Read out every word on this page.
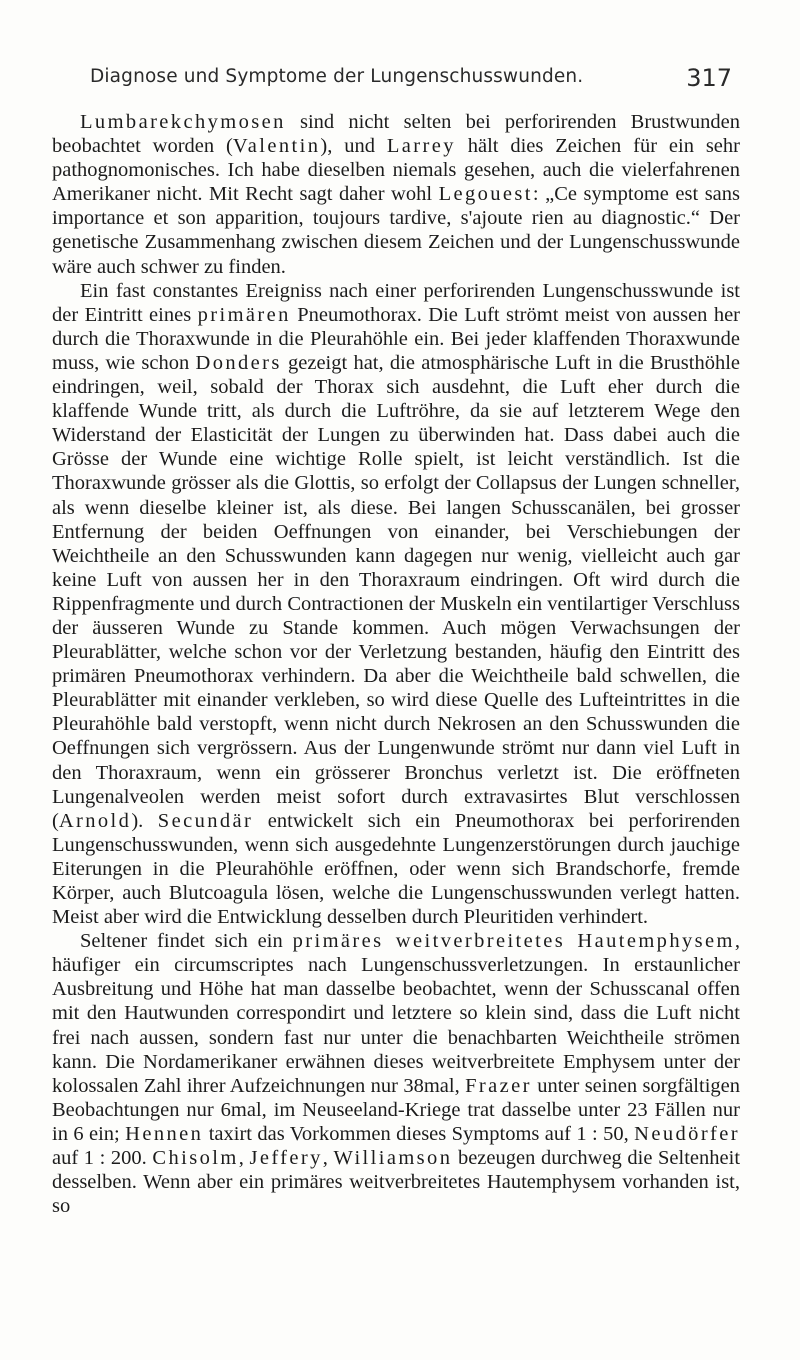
Diagnose und Symptome der Lungenschusswunden.	317

Lumbarekchymosen sind nicht selten bei perforirenden Brustwunden beobachtet worden (Valentin), und Larrey hält dies Zeichen für ein sehr pathognomonisches. Ich habe dieselben niemals gesehen, auch die vielerfahrenen Amerikaner nicht. Mit Recht sagt daher wohl Legouest: „Ce symptome est sans importance et son apparition, toujours tardive, s'ajoute rien au diagnostic.“ Der genetische Zusammenhang zwischen diesem Zeichen und der Lungenschusswunde wäre auch schwer zu finden.

Ein fast constantes Ereigniss nach einer perforirenden Lungenschusswunde ist der Eintritt eines primären Pneumothorax. Die Luft strömt meist von aussen her durch die Thoraxwunde in die Pleurahöhle ein. Bei jeder klaffenden Thoraxwunde muss, wie schon Donders gezeigt hat, die atmosphärische Luft in die Brusthöhle eindringen, weil, sobald der Thorax sich ausdehnt, die Luft eher durch die klaffende Wunde tritt, als durch die Luftröhre, da sie auf letzterem Wege den Widerstand der Elasticität der Lungen zu überwinden hat. Dass dabei auch die Grösse der Wunde eine wichtige Rolle spielt, ist leicht verständlich. Ist die Thoraxwunde grösser als die Glottis, so erfolgt der Collapsus der Lungen schneller, als wenn dieselbe kleiner ist, als diese. Bei langen Schusscanälen, bei grosser Entfernung der beiden Oeffnungen von einander, bei Verschiebungen der Weichtheile an den Schusswunden kann dagegen nur wenig, vielleicht auch gar keine Luft von aussen her in den Thoraxraum eindringen. Oft wird durch die Rippenfragmente und durch Contractionen der Muskeln ein ventilartiger Verschluss der äusseren Wunde zu Stande kommen. Auch mögen Verwachsungen der Pleurablätter, welche schon vor der Verletzung bestanden, häufig den Eintritt des primären Pneumothorax verhindern. Da aber die Weichtheile bald schwellen, die Pleurablätter mit einander verkleben, so wird diese Quelle des Lufteintrittes in die Pleurahöhle bald verstopft, wenn nicht durch Nekrosen an den Schusswunden die Oeffnungen sich vergrössern. Aus der Lungenwunde strömt nur dann viel Luft in den Thoraxraum, wenn ein grösserer Bronchus verletzt ist. Die eröffneten Lungenalveolen werden meist sofort durch extravasirtes Blut verschlossen (Arnold). Secundär entwickelt sich ein Pneumothorax bei perforirenden Lungenschusswunden, wenn sich ausgedehnte Lungenzerstörungen durch jauchige Eiterungen in die Pleurahöhle eröffnen, oder wenn sich Brandschorfe, fremde Körper, auch Blutcoagula lösen, welche die Lungenschusswunden verlegt hatten. Meist aber wird die Entwicklung desselben durch Pleuritiden verhindert.

Seltener findet sich ein primäres weitverbreitetes Hautemphysem, häufiger ein circumscriptes nach Lungenschussverletzungen. In erstaunlicher Ausbreitung und Höhe hat man dasselbe beobachtet, wenn der Schusscanal offen mit den Hautwunden correspondirt und letztere so klein sind, dass die Luft nicht frei nach aussen, sondern fast nur unter die benachbarten Weichtheile strömen kann. Die Nordamerikaner erwähnen dieses weitverbreitete Emphysem unter der kolossalen Zahl ihrer Aufzeichnungen nur 38mal, Frazer unter seinen sorgfältigen Beobachtungen nur 6mal, im Neuseeland-Kriege trat dasselbe unter 23 Fällen nur in 6 ein; Hennen taxirt das Vorkommen dieses Symptoms auf 1 : 50, Neudörfer auf 1 : 200. Chisolm, Jeffery, Williamson bezeugen durchweg die Seltenheit desselben. Wenn aber ein primäres weitverbreitetes Hautemphysem vorhanden ist, so
